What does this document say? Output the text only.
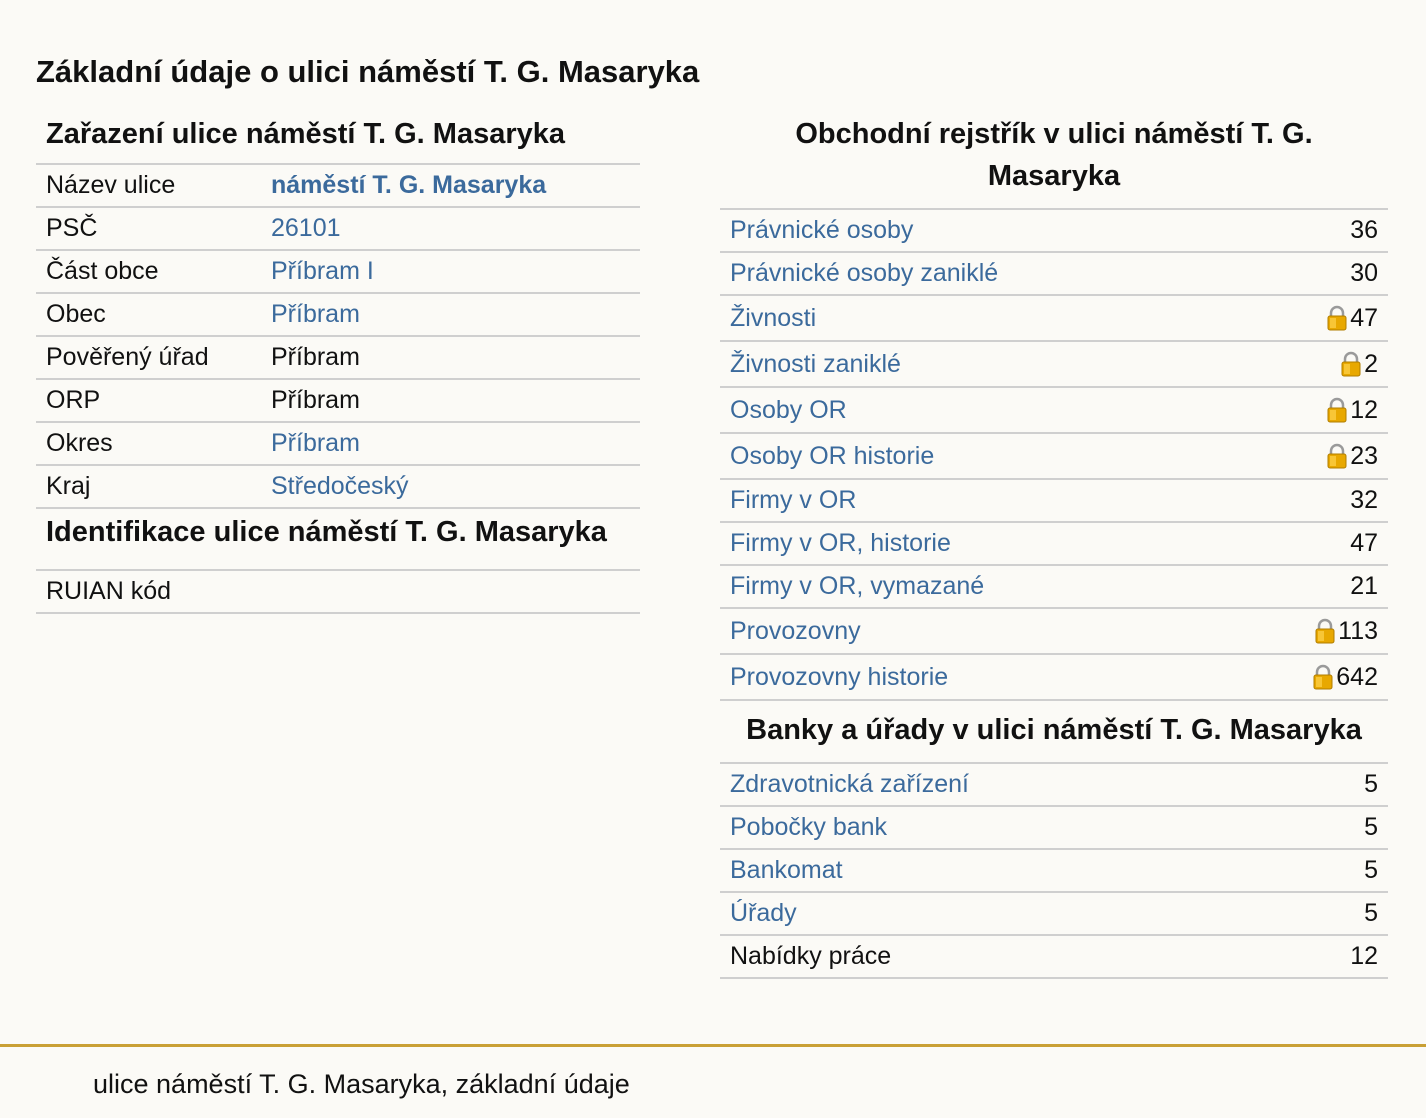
Základní údaje o ulici náměstí T. G. Masaryka
Zařazení ulice náměstí T. G. Masaryka
Název ulice	náměstí T. G. Masaryka
PSČ	26101
Část obce	Příbram I
Obec	Příbram
Pověřený úřad	Příbram
ORP	Příbram
Okres	Příbram
Kraj	Středočeský
Identifikace ulice náměstí T. G. Masaryka
RUIAN kód
Obchodní rejstřík v ulici náměstí T. G. Masaryka
Právnické osoby	36
Právnické osoby zaniklé	30
Živnosti	47
Živnosti zaniklé	2
Osoby OR	12
Osoby OR historie	23
Firmy v OR	32
Firmy v OR, historie	47
Firmy v OR, vymazané	21
Provozovny	113
Provozovny historie	642
Banky a úřady v ulici náměstí T. G. Masaryka
Zdravotnická zařízení	5
Pobočky bank	5
Bankomat	5
Úřady	5
Nabídky práce	12
ulice náměstí T. G. Masaryka, základní údaje
